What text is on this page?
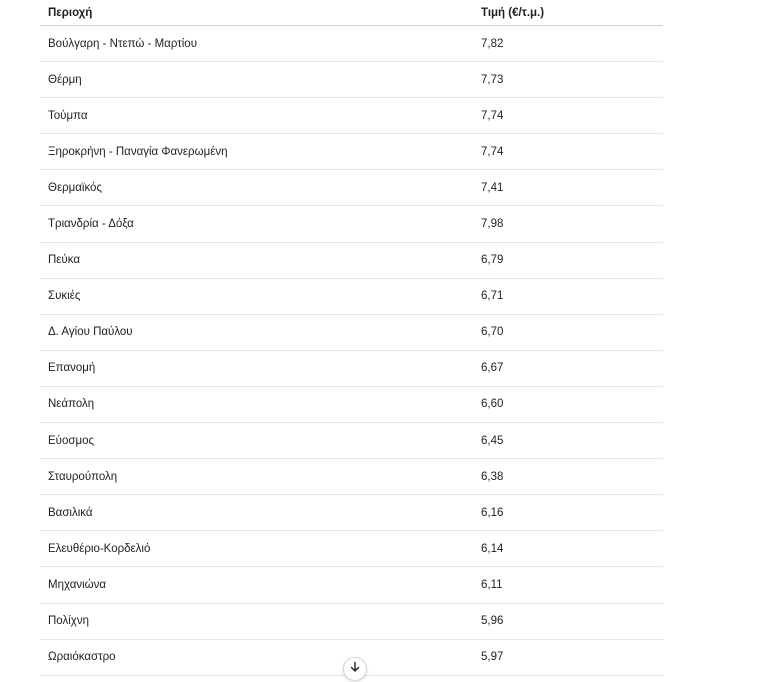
Περιοχή	Τιμή (€/τ.μ.)
Βούλγαρη - Ντεπώ - Μαρτίου	7,82
Θέρμη	7,73
Τούμπα	7,74
Ξηροκρήνη - Παναγία Φανερωμένη	7,74
Θερμαϊκός	7,41
Τριανδρία - Δόξα	7,98
Πεύκα	6,79
Συκιές	6,71
Δ. Αγίου Παύλου	6,70
Επανομή	6,67
Νεάπολη	6,60
Εύοσμος	6,45
Σταυρούπολη	6,38
Βασιλικά	6,16
Ελευθέριο-Κορδελιό	6,14
Μηχανιώνα	6,11
Πολίχνη	5,96
Ωραιόκαστρο	5,97
